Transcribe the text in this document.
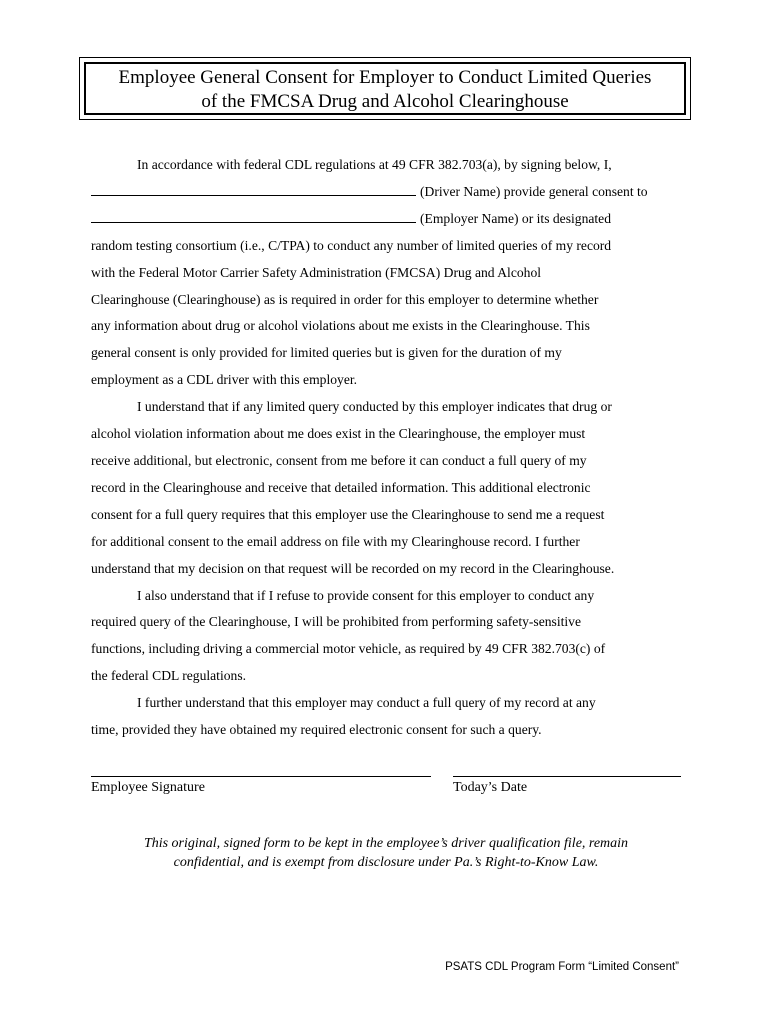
Employee General Consent for Employer to Conduct Limited Queries
of the FMCSA Drug and Alcohol Clearinghouse

In accordance with federal CDL regulations at 49 CFR 382.703(a), by signing below, I,
(Driver Name) provide general consent to
(Employer Name) or its designated
random testing consortium (i.e., C/TPA) to conduct any number of limited queries of my record
with the Federal Motor Carrier Safety Administration (FMCSA) Drug and Alcohol
Clearinghouse (Clearinghouse) as is required in order for this employer to determine whether
any information about drug or alcohol violations about me exists in the Clearinghouse. This
general consent is only provided for limited queries but is given for the duration of my
employment as a CDL driver with this employer.

I understand that if any limited query conducted by this employer indicates that drug or
alcohol violation information about me does exist in the Clearinghouse, the employer must
receive additional, but electronic, consent from me before it can conduct a full query of my
record in the Clearinghouse and receive that detailed information. This additional electronic
consent for a full query requires that this employer use the Clearinghouse to send me a request
for additional consent to the email address on file with my Clearinghouse record. I further
understand that my decision on that request will be recorded on my record in the Clearinghouse.

I also understand that if I refuse to provide consent for this employer to conduct any
required query of the Clearinghouse, I will be prohibited from performing safety-sensitive
functions, including driving a commercial motor vehicle, as required by 49 CFR 382.703(c) of
the federal CDL regulations.

I further understand that this employer may conduct a full query of my record at any
time, provided they have obtained my required electronic consent for such a query.

Employee Signature	Today’s Date
This original, signed form to be kept in the employee’s driver qualification file, remain
confidential, and is exempt from disclosure under Pa.’s Right-to-Know Law.
PSATS CDL Program Form “Limited Consent”
